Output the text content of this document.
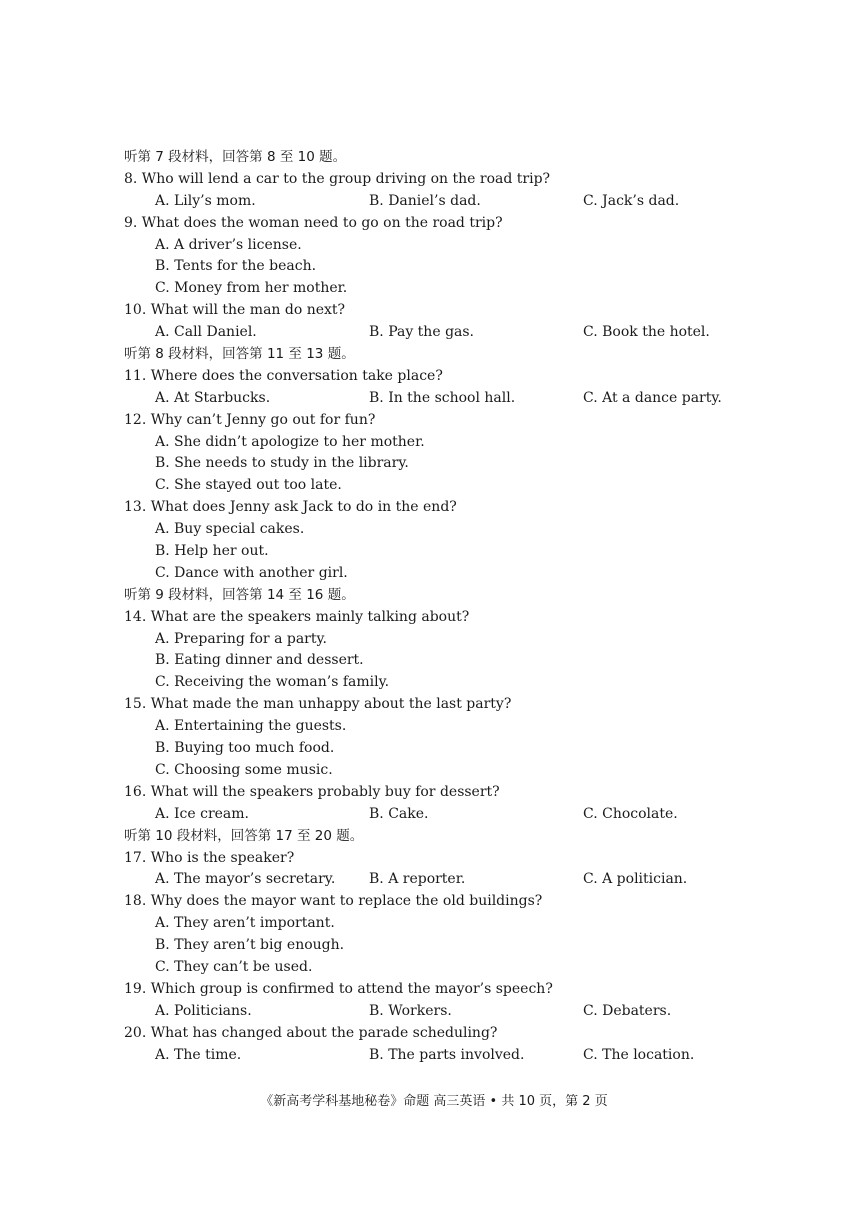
听第 7 段材料，回答第 8 至 10 题。
8. Who will lend a car to the group driving on the road trip?
A. Lily’s mom.	B. Daniel’s dad.	C. Jack’s dad.
9. What does the woman need to go on the road trip?
A. A driver’s license.
B. Tents for the beach.
C. Money from her mother.
10. What will the man do next?
A. Call Daniel.	B. Pay the gas.	C. Book the hotel.
听第 8 段材料，回答第 11 至 13 题。
11. Where does the conversation take place?
A. At Starbucks.	B. In the school hall.	C. At a dance party.
12. Why can’t Jenny go out for fun?
A. She didn’t apologize to her mother.
B. She needs to study in the library.
C. She stayed out too late.
13. What does Jenny ask Jack to do in the end?
A. Buy special cakes.
B. Help her out.
C. Dance with another girl.
听第 9 段材料，回答第 14 至 16 题。
14. What are the speakers mainly talking about?
A. Preparing for a party.
B. Eating dinner and dessert.
C. Receiving the woman’s family.
15. What made the man unhappy about the last party?
A. Entertaining the guests.
B. Buying too much food.
C. Choosing some music.
16. What will the speakers probably buy for dessert?
A. Ice cream.	B. Cake.	C. Chocolate.
听第 10 段材料，回答第 17 至 20 题。
17. Who is the speaker?
A. The mayor’s secretary. B. A reporter.	C. A politician.
18. Why does the mayor want to replace the old buildings?
A. They aren’t important.
B. They aren’t big enough.
C. They can’t be used.
19. Which group is confirmed to attend the mayor’s speech?
A. Politicians.	B. Workers.	C. Debaters.
20. What has changed about the parade scheduling?
A. The time.	B. The parts involved.	C. The location.
《新高考学科基地秘卷》命题 高三英语 • 共 10 页，第 2 页
